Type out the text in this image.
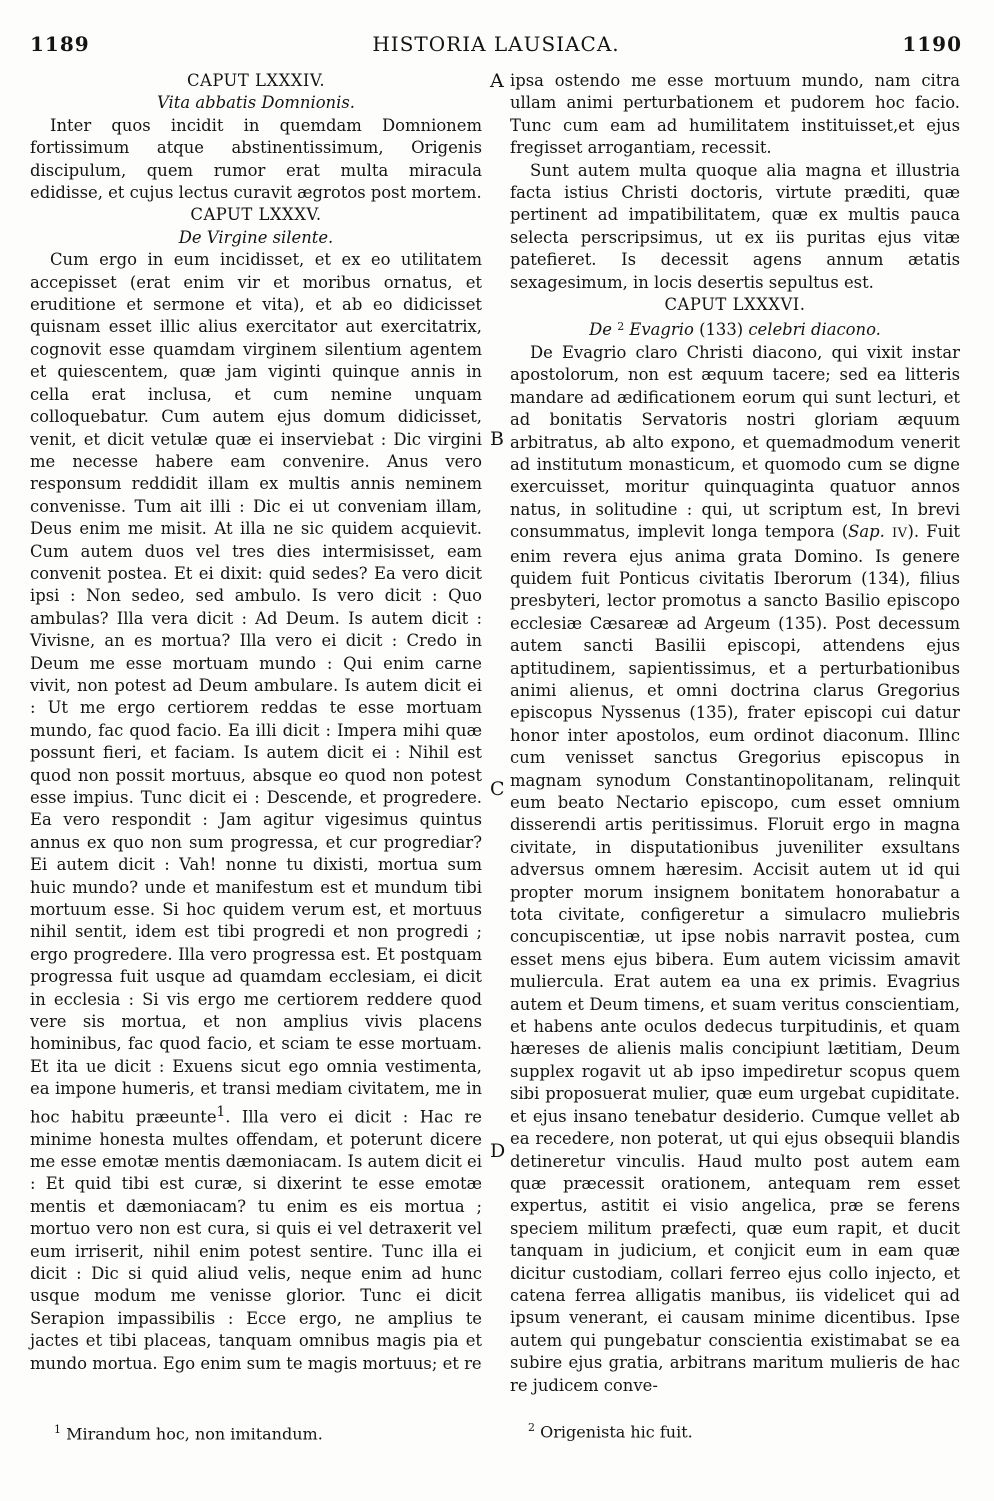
1189	HISTORIA LAUSIACA.	1190

CAPUT LXXXIV.

Vita abbatis Domnionis.

Inter quos incidit in quemdam Domnionem fortissimum atque abstinentissimum, Origenis discipulum, quem rumor erat multa miracula edidisse, et cujus lectus curavit ægrotos post mortem.

CAPUT LXXXV.

De Virgine silente.

Cum ergo in eum incidisset, et ex eo utilitatem accepisset (erat enim vir et moribus ornatus, et eruditione et sermone et vita), et ab eo didicisset quisnam esset illic alius exercitator aut exercitatrix, cognovit esse quamdam virginem silentium agentem et quiescentem, quæ jam viginti quinque annis in cella erat inclusa, et cum nemine unquam colloquebatur. Cum autem ejus domum didicisset, venit, et dicit vetulæ quæ ei inserviebat : Dic virgini me necesse habere eam convenire. Anus vero responsum reddidit illam ex multis annis neminem convenisse. Tum ait illi : Dic ei ut conveniam illam, Deus enim me misit. At illa ne sic quidem acquievit. Cum autem duos vel tres dies intermisisset, eam convenit postea. Et ei dixit: quid sedes? Ea vero dicit ipsi : Non sedeo, sed ambulo. Is vero dicit : Quo ambulas? Illa vera dicit : Ad Deum. Is autem dicit : Vivisne, an es mortua? Illa vero ei dicit : Credo in Deum me esse mortuam mundo : Qui enim carne vivit, non potest ad Deum ambulare. Is autem dicit ei : Ut me ergo certiorem reddas te esse mortuam mundo, fac quod facio. Ea illi dicit : Impera mihi quæ possunt fieri, et faciam. Is autem dicit ei : Nihil est quod non possit mortuus, absque eo quod non potest esse impius. Tunc dicit ei : Descende, et progredere. Ea vero respondit : Jam agitur vigesimus quintus annus ex quo non sum progressa, et cur progrediar? Ei autem dicit : Vah! nonne tu dixisti, mortua sum huic mundo? unde et manifestum est et mundum tibi mortuum esse. Si hoc quidem verum est, et mortuus nihil sentit, idem est tibi progredi et non progredi ; ergo progredere. Illa vero progressa est. Et postquam progressa fuit usque ad quamdam ecclesiam, ei dicit in ecclesia : Si vis ergo me certiorem reddere quod vere sis mortua, et non amplius vivis placens hominibus, fac quod facio, et sciam te esse mortuam. Et ita ue dicit : Exuens sicut ego omnia vestimenta, ea impone humeris, et transi mediam civitatem, me in hoc habitu præeunte$^1$. Illa vero ei dicit : Hac re minime honesta multes offendam, et poterunt dicere me esse emotæ mentis dæmoniacam. Is autem dicit ei : Et quid tibi est curæ, si dixerint te esse emotæ mentis et dæmoniacam? tu enim es eis mortua ; mortuo vero non est cura, si quis ei vel detraxerit vel eum irriserit, nihil enim potest sentire. Tunc illa ei dicit : Dic si quid aliud velis, neque enim ad hunc usque modum me venisse glorior. Tunc ei dicit Serapion impassibilis : Ecce ergo, ne amplius te jactes et tibi placeas, tanquam omnibus magis pia et mundo mortua. Ego enim sum te magis mortuus; et re

$^1$ Mirandum hoc, non imitandum.

ipsa ostendo me esse mortuum mundo, nam citra ullam animi perturbationem et pudorem hoc facio. Tunc cum eam ad humilitatem instituisset,et ejus fregisset arrogantiam, recessit.

Sunt autem multa quoque alia magna et illustria facta istius Christi doctoris, virtute præditi, quæ pertinent ad impatibilitatem, quæ ex multis pauca selecta perscripsimus, ut ex iis puritas ejus vitæ patefieret. Is decessit agens annum ætatis sexagesimum, in locis desertis sepultus est.

CAPUT LXXXVI.

De $^2$ Evagrio (133) celebri diacono.

De Evagrio claro Christi diacono, qui vixit instar apostolorum, non est æquum tacere; sed ea litteris mandare ad ædificationem eorum qui sunt lecturi, et ad bonitatis Servatoris nostri gloriam æquum arbitratus, ab alto expono, et quemadmodum venerit ad institutum monasticum, et quomodo cum se digne exercuisset, moritur quinquaginta quatuor annos natus, in solitudine : qui, ut scriptum est, In brevi consummatus, implevit longa tempora (Sap. IV). Fuit enim revera ejus anima grata Domino. Is genere quidem fuit Ponticus civitatis Iberorum (134), filius presbyteri, lector promotus a sancto Basilio episcopo ecclesiæ Cæsareæ ad Argeum (135). Post decessum autem sancti Basilii episcopi, attendens ejus aptitudinem, sapientissimus, et a perturbationibus animi alienus, et omni doctrina clarus Gregorius episcopus Nyssenus (135), frater episcopi cui datur honor inter apostolos, eum ordinot diaconum. Illinc cum venisset sanctus Gregorius episcopus in magnam synodum Constantinopolitanam, relinquit eum beato Nectario episcopo, cum esset omnium disserendi artis peritissimus. Floruit ergo in magna civitate, in disputationibus juveniliter exsultans adversus omnem hæresim. Accisit autem ut id qui propter morum insignem bonitatem honorabatur a tota civitate, configeretur a simulacro muliebris concupiscentiæ, ut ipse nobis narravit postea, cum esset mens ejus bibera. Eum autem vicissim amavit muliercula. Erat autem ea una ex primis. Evagrius autem et Deum timens, et suam veritus conscientiam, et habens ante oculos dedecus turpitudinis, et quam hæreses de alienis malis concipiunt lætitiam, Deum supplex rogavit ut ab ipso impediretur scopus quem sibi proposuerat mulier, quæ eum urgebat cupiditate. et ejus insano tenebatur desiderio. Cumque vellet ab ea recedere, non poterat, ut qui ejus obsequii blandis detineretur vinculis. Haud multo post autem eam quæ præcessit orationem, antequam rem esset expertus, astitit ei visio angelica, præ se ferens speciem militum præfecti, quæ eum rapit, et ducit tanquam in judicium, et conjicit eum in eam quæ dicitur custodiam, collari ferreo ejus collo injecto, et catena ferrea alligatis manibus, iis videlicet qui ad ipsum venerant, ei causam minime dicentibus. Ipse autem qui pungebatur conscientia existimabat se ea subire ejus gratia, arbitrans maritum mulieris de hac re judicem conve-

$^2$ Origenista hic fuit.
A
B
C
D
